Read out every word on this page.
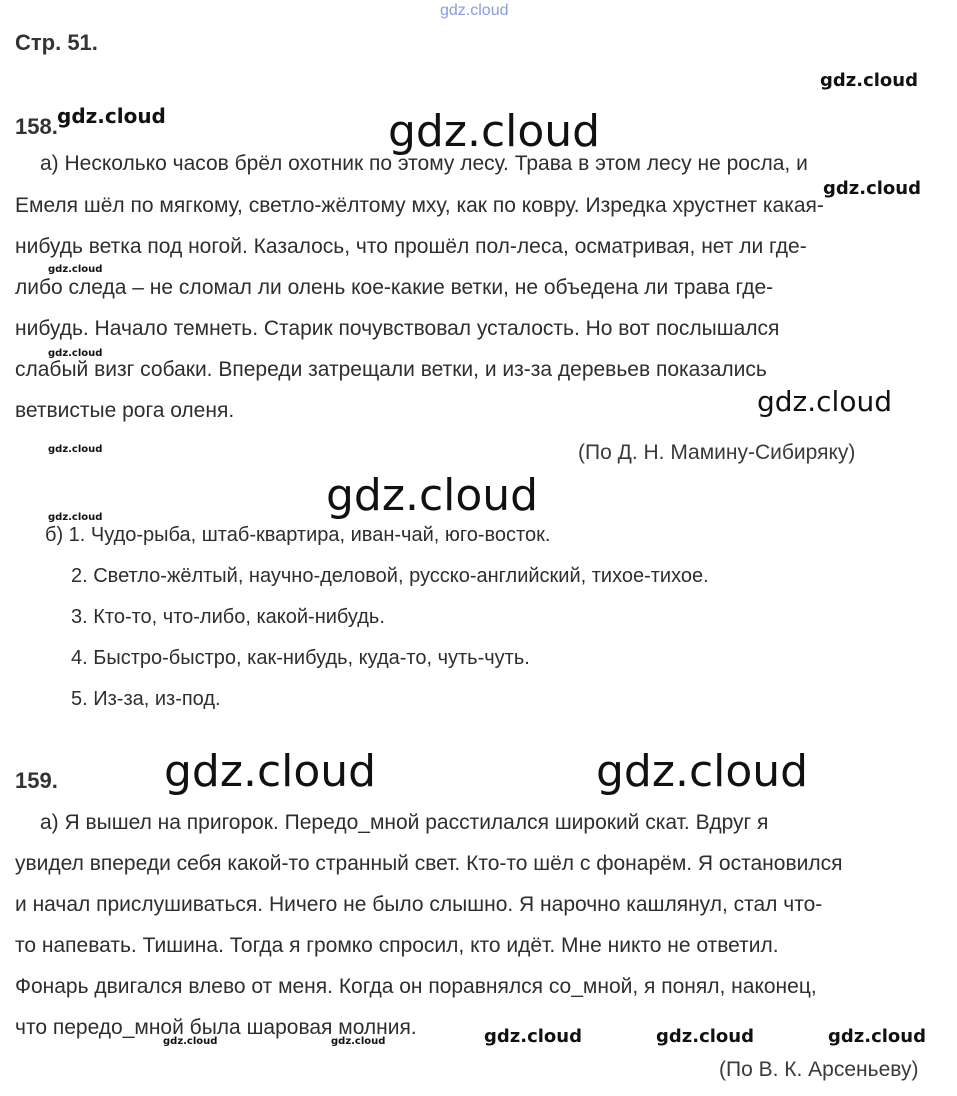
gdz.cloud
Стр. 51.
gdz.cloud
gdz.cloud	gdz.cloud
gdz.cloud
gdz.cloud
gdz.cloud
gdz.cloud
gdz.cloud
gdz.cloud
gdz.cloud
gdz.cloud	gdz.cloud
gdz.cloud	gdz.cloud	gdz.cloud	gdz.cloud	gdz.cloud
158.
а) Несколько часов брёл охотник по этому лесу. Трава в этом лесу не росла, и
Емеля шёл по мягкому, светло-жёлтому мху, как по ковру. Изредка хрустнет какая-
нибудь ветка под ногой. Казалось, что прошёл пол-леса, осматривая, нет ли где-
либо следа – не сломал ли олень кое-какие ветки, не объедена ли трава где-
нибудь. Начало темнеть. Старик почувствовал усталость. Но вот послышался
слабый визг собаки. Впереди затрещали ветки, и из-за деревьев показались
ветвистые рога оленя.
(По Д. Н. Мамину-Сибиряку)
б) 1. Чудо-рыба, штаб-квартира, иван-чай, юго-восток.
2. Светло-жёлтый, научно-деловой, русско-английский, тихое-тихое.
3. Кто-то, что-либо, какой-нибудь.
4. Быстро-быстро, как-нибудь, куда-то, чуть-чуть.
5. Из-за, из-под.
159.
а) Я вышел на пригорок. Передо_мной расстилался широкий скат. Вдруг я
увидел впереди себя какой-то странный свет. Кто-то шёл с фонарём. Я остановился
и начал прислушиваться. Ничего не было слышно. Я нарочно кашлянул, стал что-
то напевать. Тишина. Тогда я громко спросил, кто идёт. Мне никто не ответил.
Фонарь двигался влево от меня. Когда он поравнялся со_мной, я понял, наконец,
что передо_мной была шаровая молния.
(По В. К. Арсеньеву)
